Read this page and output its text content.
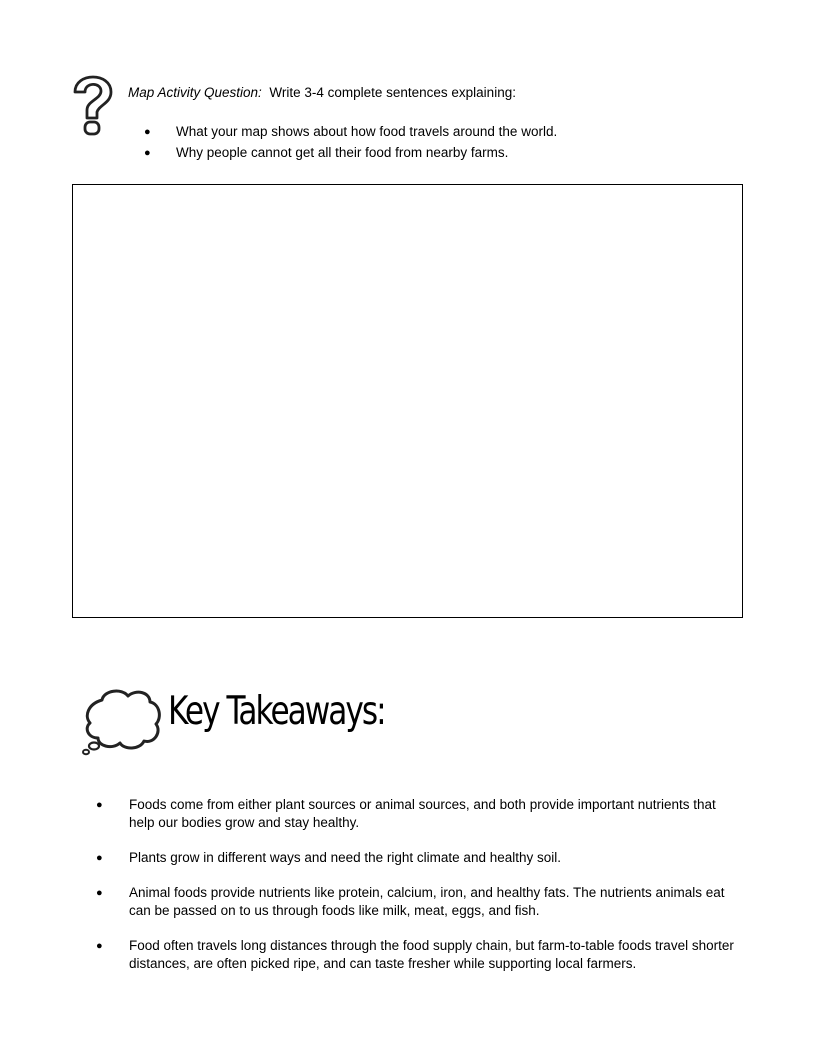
Map Activity Question: Write 3-4 complete sentences explaining:
● What your map shows about how food travels around the world.
● Why people cannot get all their food from nearby farms.
Key Takeaways:
● Foods come from either plant sources or animal sources, and both provide important nutrients that help our bodies grow and stay healthy.
● Plants grow in different ways and need the right climate and healthy soil.
● Animal foods provide nutrients like protein, calcium, iron, and healthy fats. The nutrients animals eat can be passed on to us through foods like milk, meat, eggs, and fish.
● Food often travels long distances through the food supply chain, but farm-to-table foods travel shorter distances, are often picked ripe, and can taste fresher while supporting local farmers.
